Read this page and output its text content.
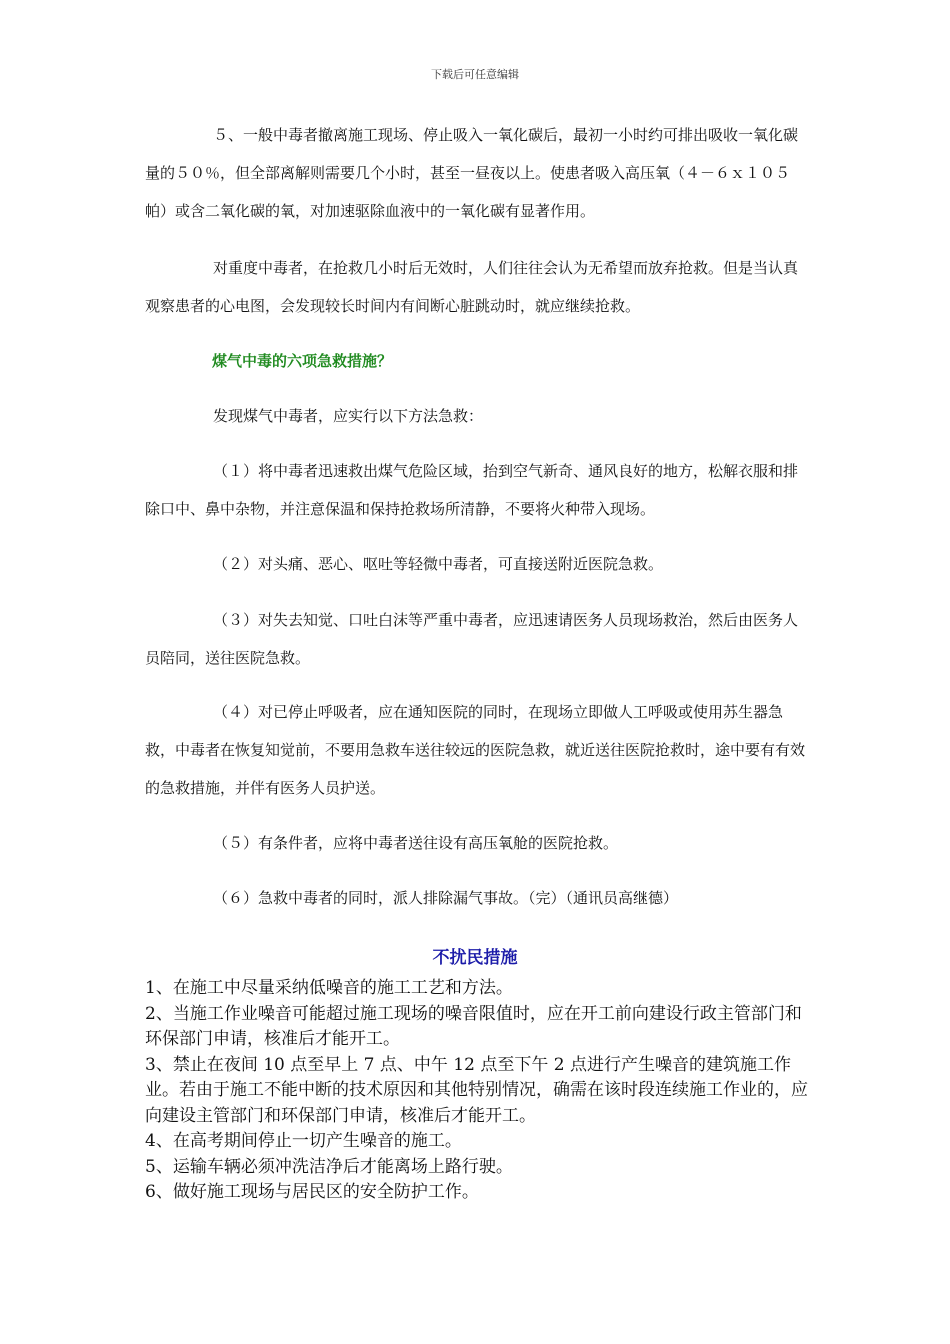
下载后可任意编辑

５、一般中毒者撤离施工现场、停止吸入一氧化碳后，最初一小时约可排出吸收一氧化碳量的５０％，但全部离解则需要几个小时，甚至一昼夜以上。使患者吸入高压氧（４－６ｘ１０５帕）或含二氧化碳的氧，对加速驱除血液中的一氧化碳有显著作用。

对重度中毒者，在抢救几小时后无效时，人们往往会认为无希望而放弃抢救。但是当认真观察患者的心电图，会发现较长时间内有间断心脏跳动时，就应继续抢救。

煤气中毒的六项急救措施？

发现煤气中毒者，应实行以下方法急救：

（１）将中毒者迅速救出煤气危险区域，抬到空气新奇、通风良好的地方，松解衣服和排除口中、鼻中杂物，并注意保温和保持抢救场所清静，不要将火种带入现场。

（２）对头痛、恶心、呕吐等轻微中毒者，可直接送附近医院急救。

（３）对失去知觉、口吐白沫等严重中毒者，应迅速请医务人员现场救治，然后由医务人员陪同，送往医院急救。

（４）对已停止呼吸者，应在通知医院的同时，在现场立即做人工呼吸或使用苏生器急救，中毒者在恢复知觉前，不要用急救车送往较远的医院急救，就近送往医院抢救时，途中要有有效的急救措施，并伴有医务人员护送。

（５）有条件者，应将中毒者送往设有高压氧舱的医院抢救。

（６）急救中毒者的同时，派人排除漏气事故。（完）（通讯员高继德）

不扰民措施
1、在施工中尽量采纳低噪音的施工工艺和方法。
2、当施工作业噪音可能超过施工现场的噪音限值时，应在开工前向建设行政主管部门和环保部门申请，核准后才能开工。
3、禁止在夜间 10 点至早上 7 点、中午 12 点至下午 2 点进行产生噪音的建筑施工作业。若由于施工不能中断的技术原因和其他特别情况，确需在该时段连续施工作业的，应向建设主管部门和环保部门申请，核准后才能开工。
4、在高考期间停止一切产生噪音的施工。
5、运输车辆必须冲洗洁净后才能离场上路行驶。
6、做好施工现场与居民区的安全防护工作。
